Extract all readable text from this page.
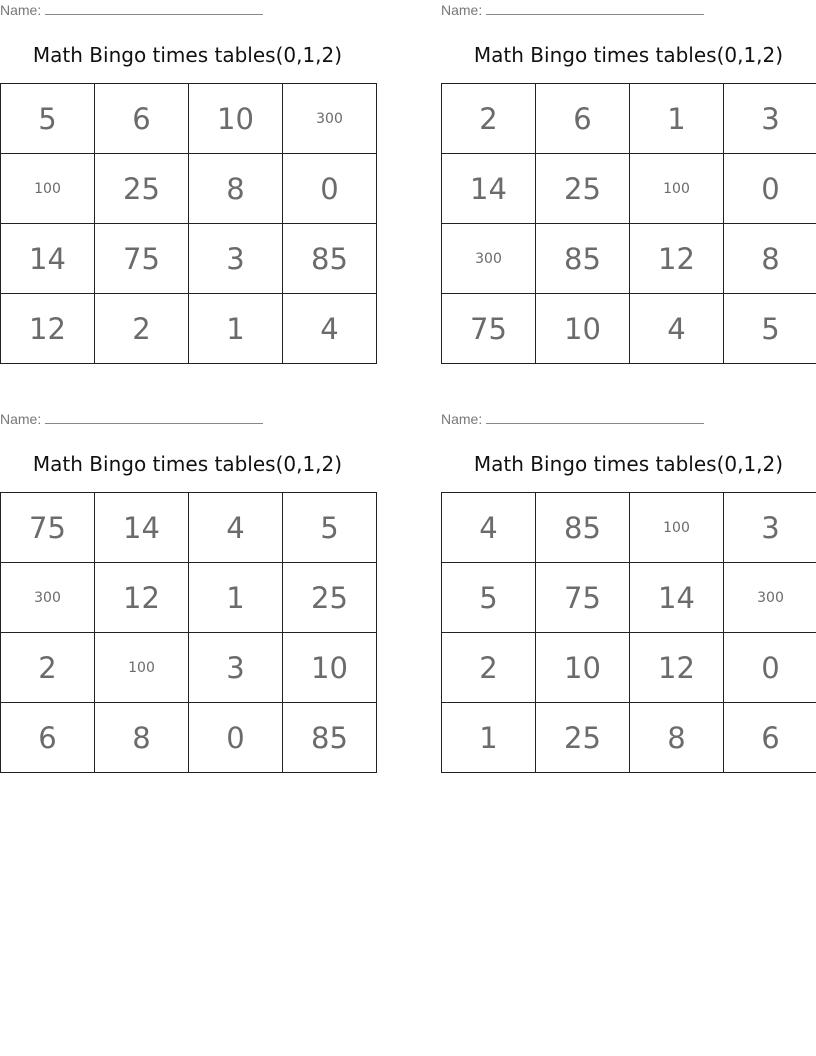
Name:
Math Bingo times tables(0,1,2)
5	6	10	300
100	25	8	0
14	75	3	85
12	2	1	4
Name:
Math Bingo times tables(0,1,2)
2	6	1	3
14	25	100	0
300	85	12	8
75	10	4	5
Name:
Math Bingo times tables(0,1,2)
75	14	4	5
300	12	1	25
2	100	3	10
6	8	0	85
Name:
Math Bingo times tables(0,1,2)
4	85	100	3
5	75	14	300
2	10	12	0
1	25	8	6
